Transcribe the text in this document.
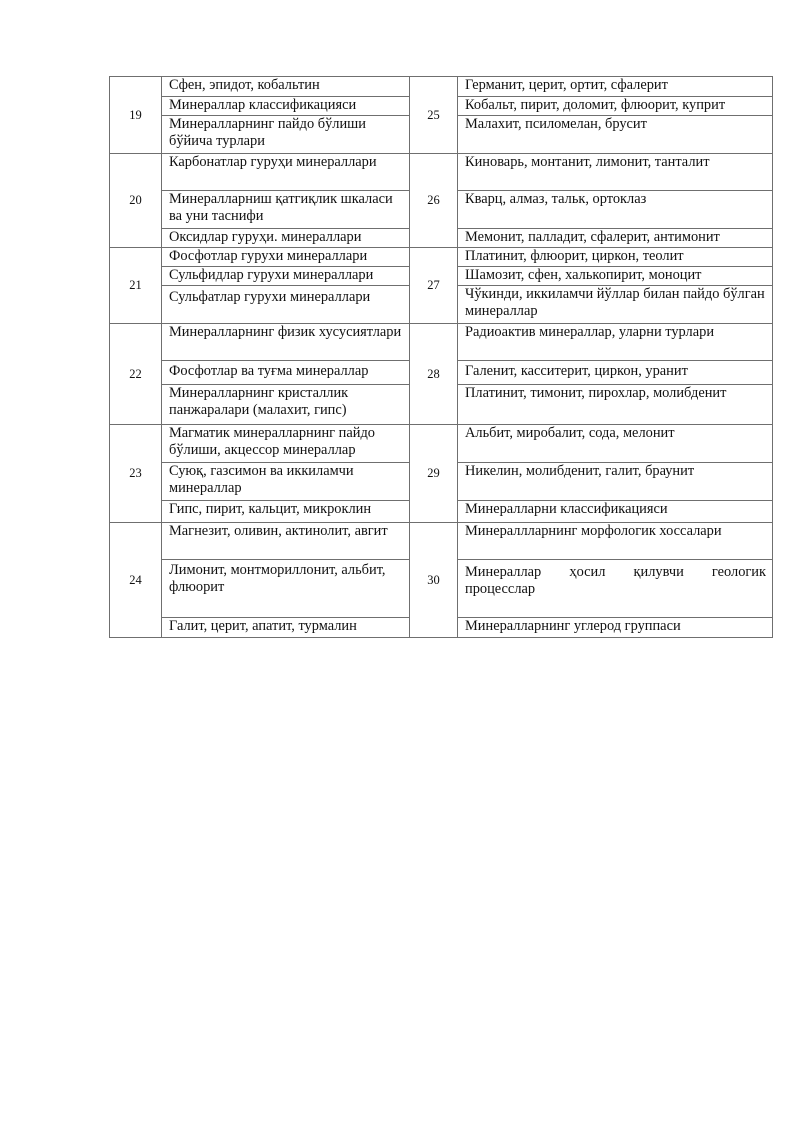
19	Сфен, эпидот, кобальтин	25	Германит, церит, ортит, сфалерит
	Минераллар классификацияси		Кобальт, пирит, доломит, флюорит, куприт
	Минералларнинг пайдо бўлиши бўйича турлари		Малахит, псиломелан, брусит
20	Карбонатлар гуруҳи минераллари	26	Киноварь, монтанит, лимонит, танталит
	Минералларниш қатгиқлик шкаласи ва уни таснифи		Кварц, алмаз, тальк, ортоклаз
	Оксидлар гуруҳи. минераллари		Мемонит, палладит, сфалерит, антимонит
21	Фосфотлар гурухи минераллари	27	Платинит, флюорит, циркон, теолит
	Сульфидлар гурухи минераллари		Шамозит, сфен, халькопирит, моноцит
	Сульфатлар гурухи минераллари		Чўкинди, иккиламчи йўллар билан пайдо бўлган минераллар
22	Минералларнинг физик хусусиятлари	28	Радиоактив минераллар, уларни турлари
	Фосфотлар ва туғма минераллар		Галенит, касситерит, циркон, уранит
	Минералларнинг кристаллик панжаралари (малахит, гипс)		Платинит, тимонит, пирохлар, молибденит
23	Магматик минералларнинг пайдо бўлиши, акцессор минераллар	29	Альбит, миробалит, сода, мелонит
	Суюқ, газсимон ва иккиламчи минераллар		Никелин, молибденит, галит, браунит
	Гипс, пирит, кальцит, микроклин		Минералларни классификацияси
24	Магнезит, оливин, актинолит, авгит	30	Минерал​лларнинг морфологик хоссалари
	Лимонит, монтмориллонит, альбит, флюорит		Минераллар ҳосил қилувчи геологик процесслар
	Галит, церит, апатит, турмалин		Минералларнинг углерод группаси
